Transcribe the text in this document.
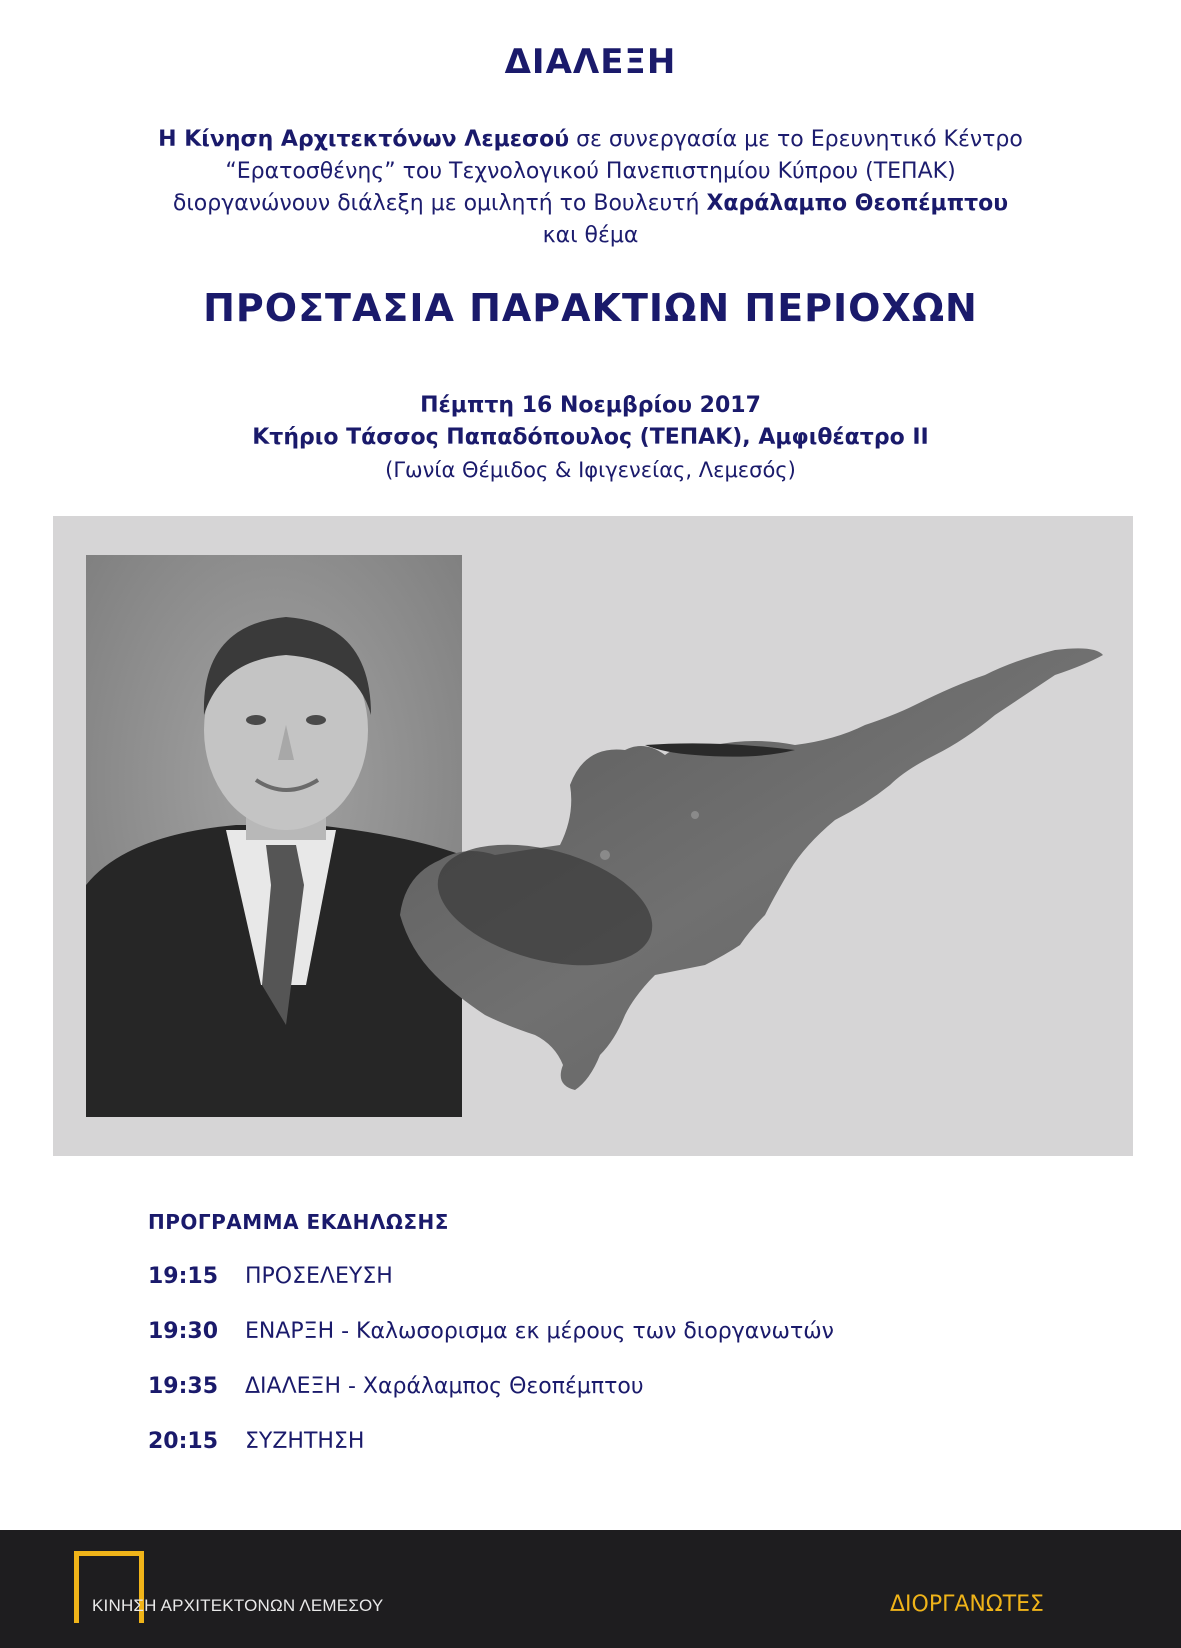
ΔΙΑΛΕΞΗ
Η Κίνηση Αρχιτεκτόνων Λεμεσού σε συνεργασία με το Ερευνητικό Κέντρο
“Ερατοσθένης” του Τεχνολογικού Πανεπιστημίου Κύπρου (ΤΕΠΑΚ)
διοργανώνουν διάλεξη με ομιλητή το Βουλευτή Χαράλαμπο Θεοπέμπτου
και θέμα
ΠΡΟΣΤΑΣΙΑ ΠΑΡΑΚΤΙΩΝ ΠΕΡΙΟΧΩΝ
Πέμπτη 16 Νοεμβρίου 2017
Κτήριο Τάσσος Παπαδόπουλος (ΤΕΠΑΚ), Αμφιθέατρο ΙΙ
(Γωνία Θέμιδος & Ιφιγενείας, Λεμεσός)
ΠΡΟΓΡΑΜΜΑ ΕΚΔΗΛΩΣΗΣ
19:15 ΠΡΟΣΕΛΕΥΣΗ
19:30 ΕΝΑΡΞΗ - Καλωσορισμα εκ μέρους των διοργανωτών
19:35 ΔΙΑΛΕΞΗ - Χαράλαμπος Θεοπέμπτου
20:15 ΣΥΖΗΤΗΣΗ
ΚΙΝΗΣΗ ΑΡΧΙΤΕΚΤΟΝΩΝ ΛΕΜΕΣΟΥ	ΔΙΟΡΓΑΝΩΤΕΣ
